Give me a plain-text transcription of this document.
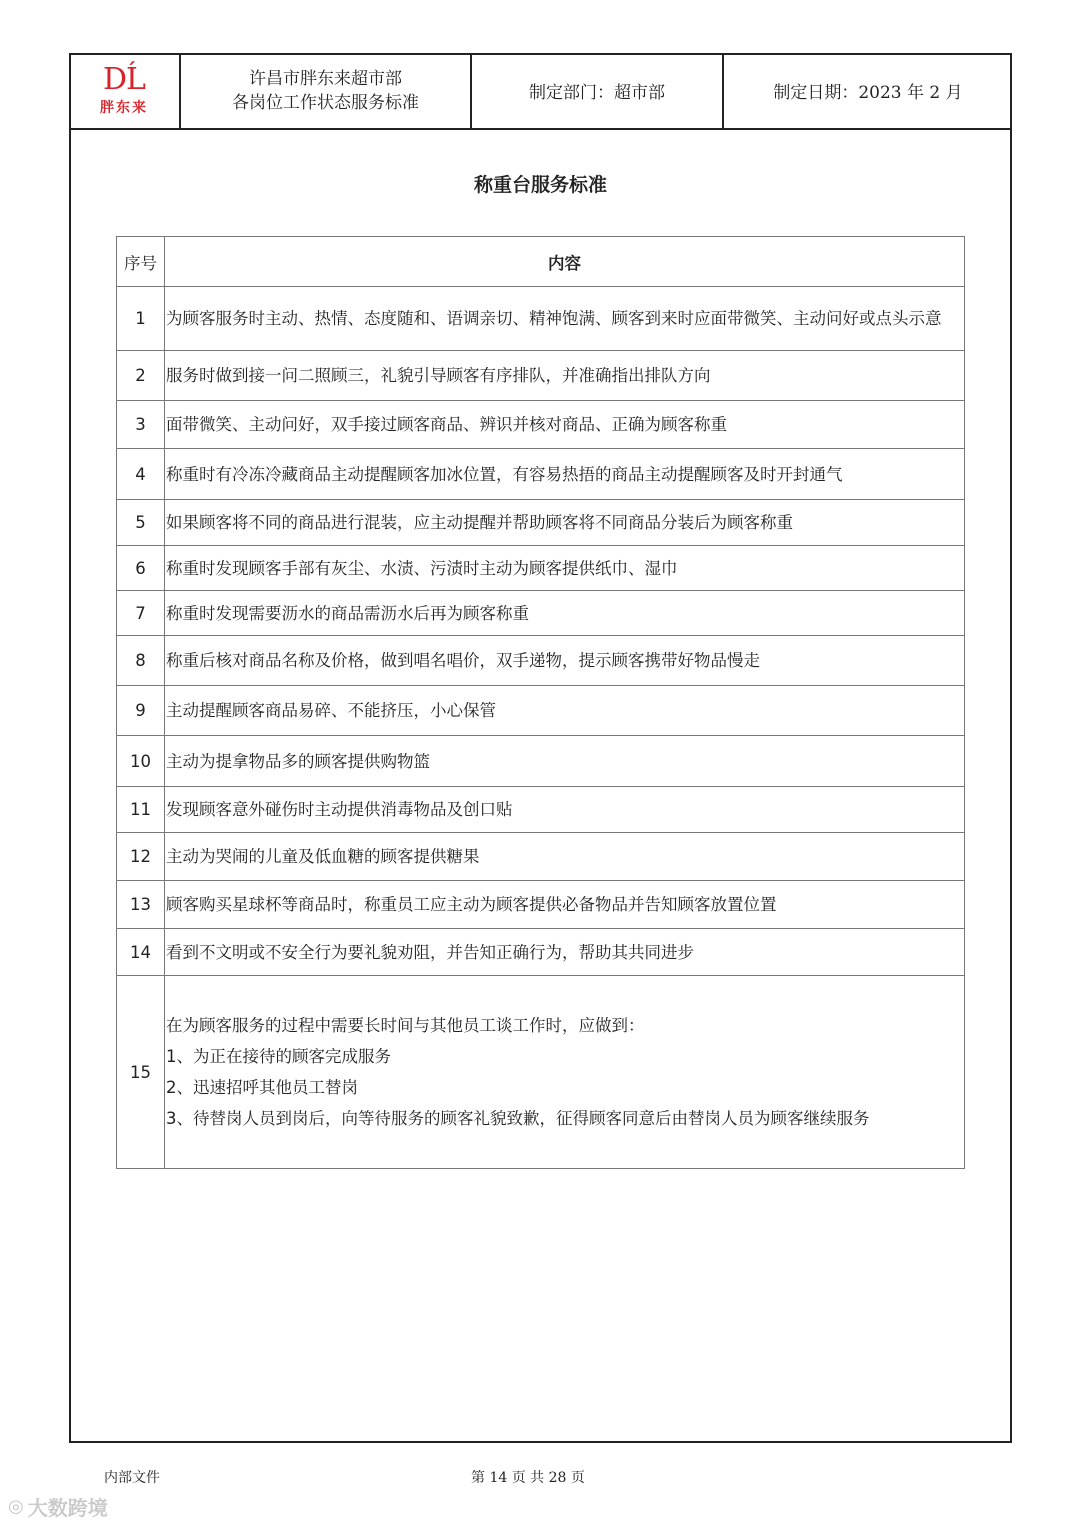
DĹ
胖东来
许昌市胖东来超市部
各岗位工作状态服务标准	制定部门：超市部	制定日期：2023 年 2 月
称重台服务标准
序号	内容
1	为顾客服务时主动、热情、态度随和、语调亲切、精神饱满、顾客到来时应面带微笑、主动问好或点头示意
2	服务时做到接一问二照顾三，礼貌引导顾客有序排队，并准确指出排队方向
3	面带微笑、主动问好，双手接过顾客商品、辨识并核对商品、正确为顾客称重
4	称重时有冷冻冷藏商品主动提醒顾客加冰位置，有容易热捂的商品主动提醒顾客及时开封通气
5	如果顾客将不同的商品进行混装，应主动提醒并帮助顾客将不同商品分装后为顾客称重
6	称重时发现顾客手部有灰尘、水渍、污渍时主动为顾客提供纸巾、湿巾
7	称重时发现需要沥水的商品需沥水后再为顾客称重
8	称重后核对商品名称及价格，做到唱名唱价，双手递物，提示顾客携带好物品慢走
9	主动提醒顾客商品易碎、不能挤压，小心保管
10	主动为提拿物品多的顾客提供购物篮
11	发现顾客意外碰伤时主动提供消毒物品及创口贴
12	主动为哭闹的儿童及低血糖的顾客提供糖果
13	顾客购买星球杯等商品时，称重员工应主动为顾客提供必备物品并告知顾客放置位置
14	看到不文明或不安全行为要礼貌劝阻，并告知正确行为，帮助其共同进步
15	在为顾客服务的过程中需要长时间与其他员工谈工作时，应做到：
1、为正在接待的顾客完成服务
2、迅速招呼其他员工替岗
3、待替岗人员到岗后，向等待服务的顾客礼貌致歉，征得顾客同意后由替岗人员为顾客继续服务
内部文件	第 14 页 共 28 页
◎ 大数跨境
